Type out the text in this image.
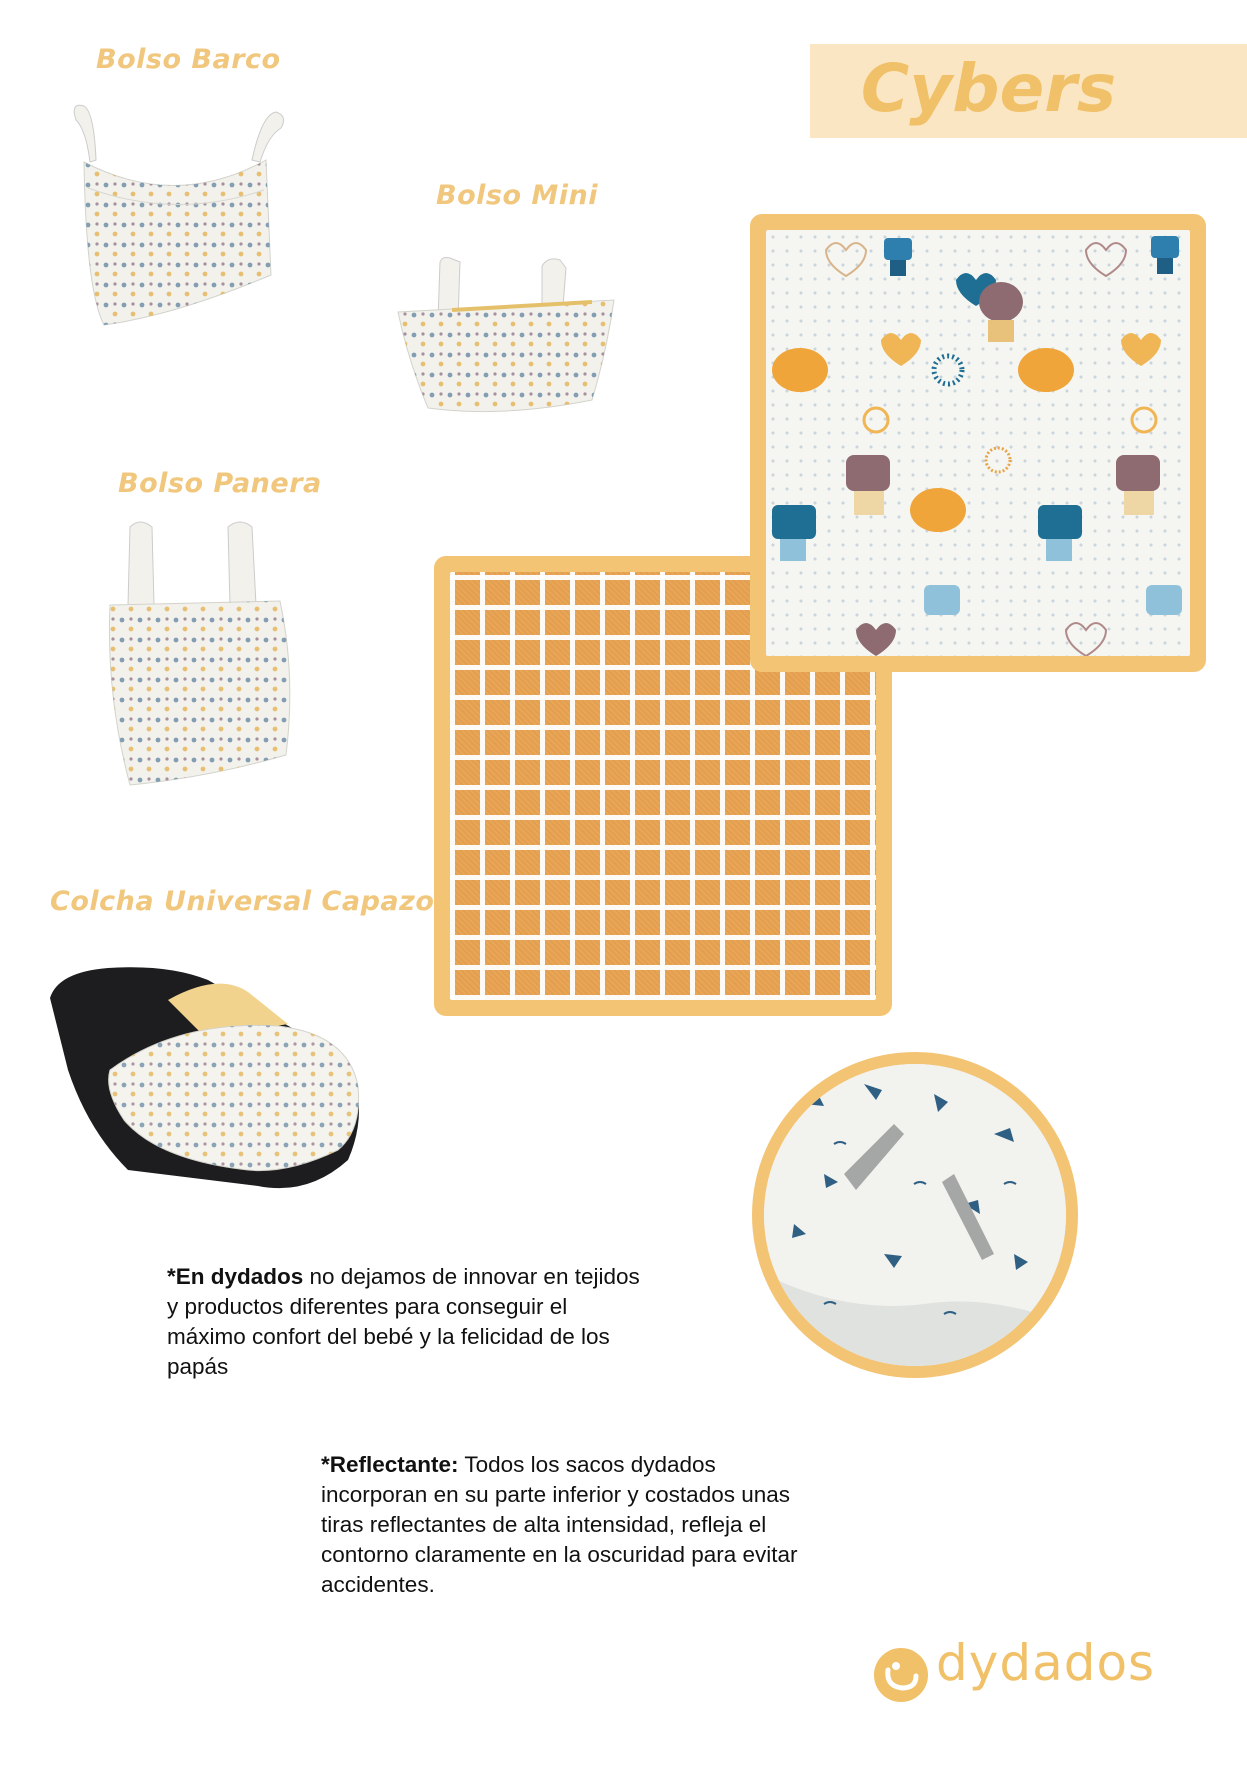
Cybers
Bolso Barco
Bolso Mini
Bolso Panera
Colcha Universal Capazo
*En dydados no dejamos de innovar en tejidos y productos diferentes para conseguir el máximo confort del bebé y la felicidad de los papás
*Reflectante: Todos los sacos dydados incorporan en su parte inferior y costados unas tiras reflectantes de alta intensidad, refleja el contorno claramente en la oscuridad para evitar accidentes.
dydados
